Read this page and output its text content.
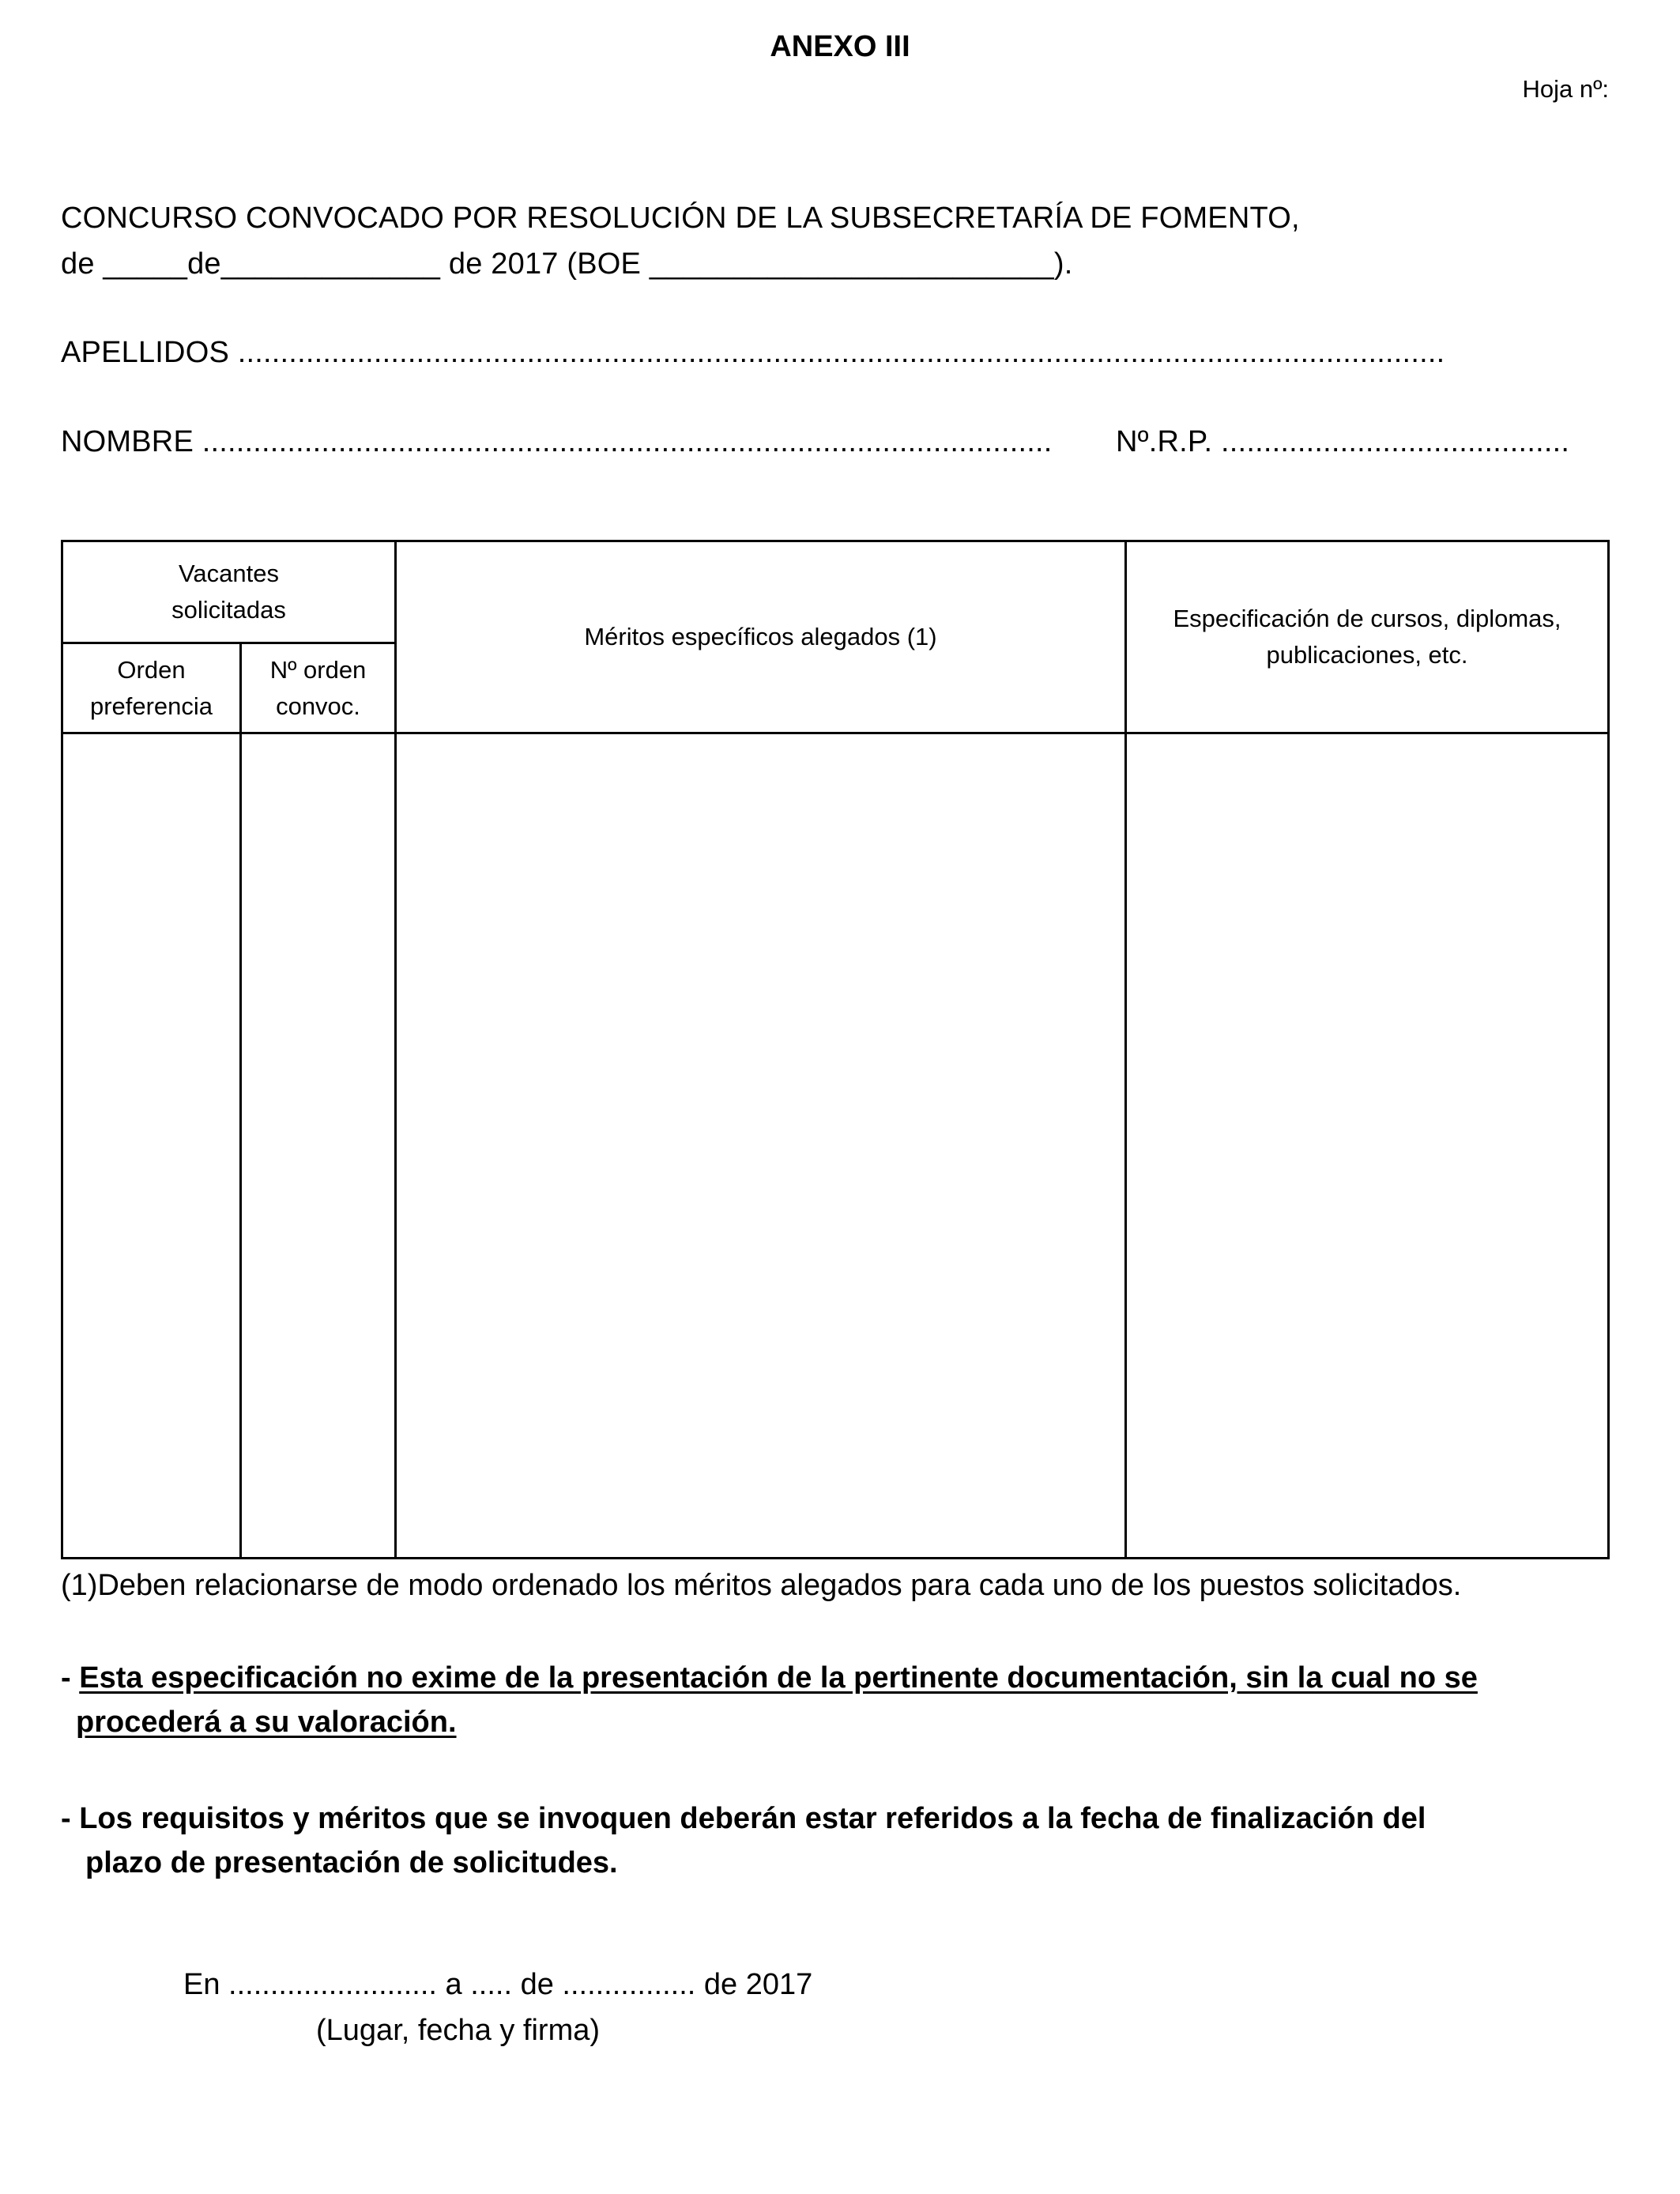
ANEXO III
Hoja nº:
CONCURSO CONVOCADO POR RESOLUCIÓN DE LA SUBSECRETARÍA DE FOMENTO,
de _____de_____________ de 2017 (BOE ________________________).
APELLIDOS ..............................................................................................................................................
NOMBRE ....................................................................................................	Nº.R.P. .........................................
Vacantes solicitadas
Orden preferencia
Nº orden convoc.
Méritos específicos alegados (1)
Especificación de cursos, diplomas, publicaciones, etc.
(1)Deben relacionarse de modo ordenado los méritos alegados para cada uno de los puestos solicitados.
- Esta especificación no exime de la presentación de la pertinente documentación, sin la cual no se
procederá a su valoración.
- Los requisitos y méritos que se invoquen deberán estar referidos a la fecha de finalización del
plazo de presentación de solicitudes.
En ......................... a ..... de ................ de 2017
(Lugar, fecha y firma)
